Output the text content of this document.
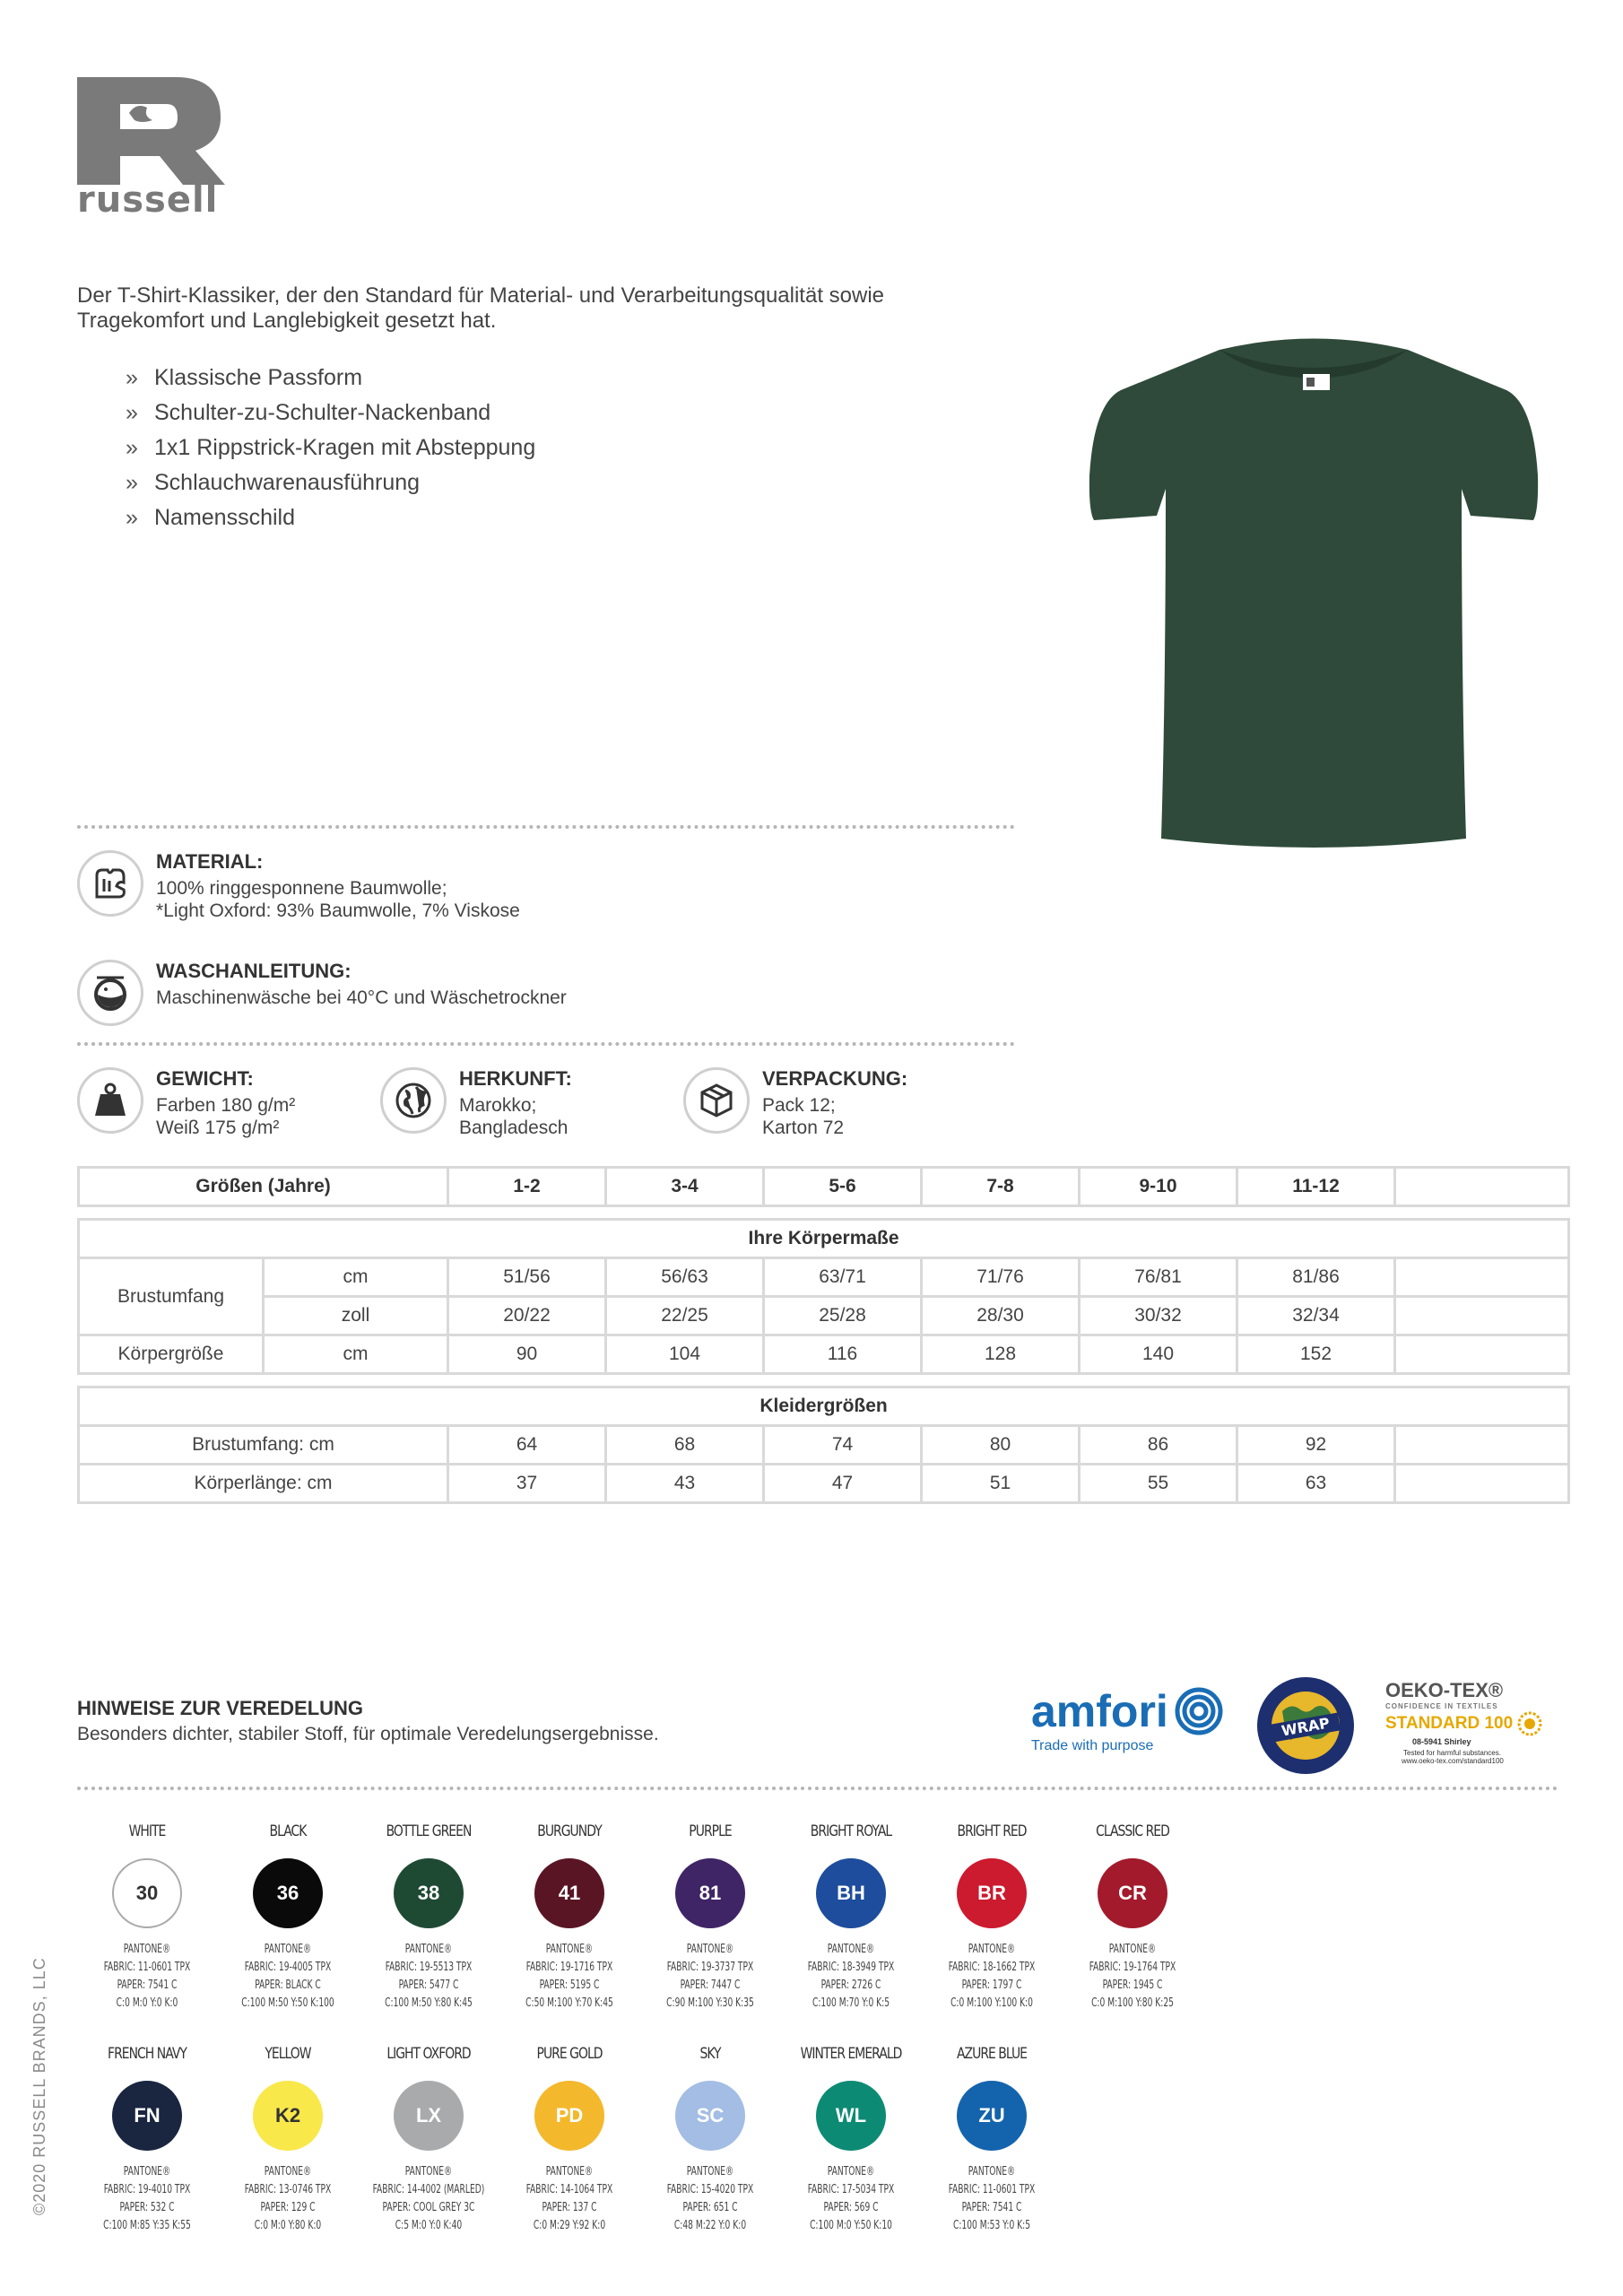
russell
Der T-Shirt-Klassiker, der den Standard für Material- und Verarbeitungsqualität sowie Tragekomfort und Langlebigkeit gesetzt hat.
» Klassische Passform
» Schulter-zu-Schulter-Nackenband
» 1x1 Rippstrick-Kragen mit Absteppung
» Schlauchwarenausführung
» Namensschild
MATERIAL:
100% ringgesponnene Baumwolle;
*Light Oxford: 93% Baumwolle, 7% Viskose
WASCHANLEITUNG:
Maschinenwäsche bei 40°C und Wäschetrockner
GEWICHT:
Farben 180 g/m²
Weiß 175 g/m²
HERKUNFT:
Marokko;
Bangladesch
VERPACKUNG:
Pack 12;
Karton 72
Größen (Jahre)	1-2	3-4	5-6	7-8	9-10	11-12	
Ihre Körpermaße								
Brustumfang	cm	51/56	56/63	63/71	71/76	76/81	81/86	
	zoll	20/22	22/25	25/28	28/30	30/32	32/34	
Körpergröße	cm	90	104	116	128	140	152	
Kleidergrößen							
Brustumfang: cm	64	68	74	80	86	92	
Körperlänge: cm	37	43	47	51	55	63	
HINWEISE ZUR VEREDELUNG
Besonders dichter, stabiler Stoff, für optimale Veredelungsergebnisse.	amfori
Trade with purpose
WRAP
OEKO-TEX®
CONFIDENCE IN TEXTILES
STANDARD 100
08-5941 Shirley
Tested for harmful substances.
www.oeko-tex.com/standard100
WHITE
30
PANTONE®
FABRIC: 11-0601 TPX
PAPER: 7541 C
C:0 M:0 Y:0 K:0
BLACK
36
PANTONE®
FABRIC: 19-4005 TPX
PAPER: BLACK C
C:100 M:50 Y:50 K:100
BOTTLE GREEN
38
PANTONE®
FABRIC: 19-5513 TPX
PAPER: 5477 C
C:100 M:50 Y:80 K:45
BURGUNDY
41
PANTONE®
FABRIC: 19-1716 TPX
PAPER: 5195 C
C:50 M:100 Y:70 K:45
PURPLE
81
PANTONE®
FABRIC: 19-3737 TPX
PAPER: 7447 C
C:90 M:100 Y:30 K:35
BRIGHT ROYAL
BH
PANTONE®
FABRIC: 18-3949 TPX
PAPER: 2726 C
C:100 M:70 Y:0 K:5
BRIGHT RED
BR
PANTONE®
FABRIC: 18-1662 TPX
PAPER: 1797 C
C:0 M:100 Y:100 K:0
CLASSIC RED
CR
PANTONE®
FABRIC: 19-1764 TPX
PAPER: 1945 C
C:0 M:100 Y:80 K:25
FRENCH NAVY
FN
PANTONE®
FABRIC: 19-4010 TPX
PAPER: 532 C
C:100 M:85 Y:35 K:55
YELLOW
K2
PANTONE®
FABRIC: 13-0746 TPX
PAPER: 129 C
C:0 M:0 Y:80 K:0
LIGHT OXFORD
LX
PANTONE®
FABRIC: 14-4002 (MARLED)
PAPER: COOL GREY 3C
C:5 M:0 Y:0 K:40
PURE GOLD
PD
PANTONE®
FABRIC: 14-1064 TPX
PAPER: 137 C
C:0 M:29 Y:92 K:0
SKY
SC
PANTONE®
FABRIC: 15-4020 TPX
PAPER: 651 C
C:48 M:22 Y:0 K:0
WINTER EMERALD
WL
PANTONE®
FABRIC: 17-5034 TPX
PAPER: 569 C
C:100 M:0 Y:50 K:10
AZURE BLUE
ZU
PANTONE®
FABRIC: 11-0601 TPX
PAPER: 7541 C
C:100 M:53 Y:0 K:5
©2020 RUSSELL BRANDS, LLC
